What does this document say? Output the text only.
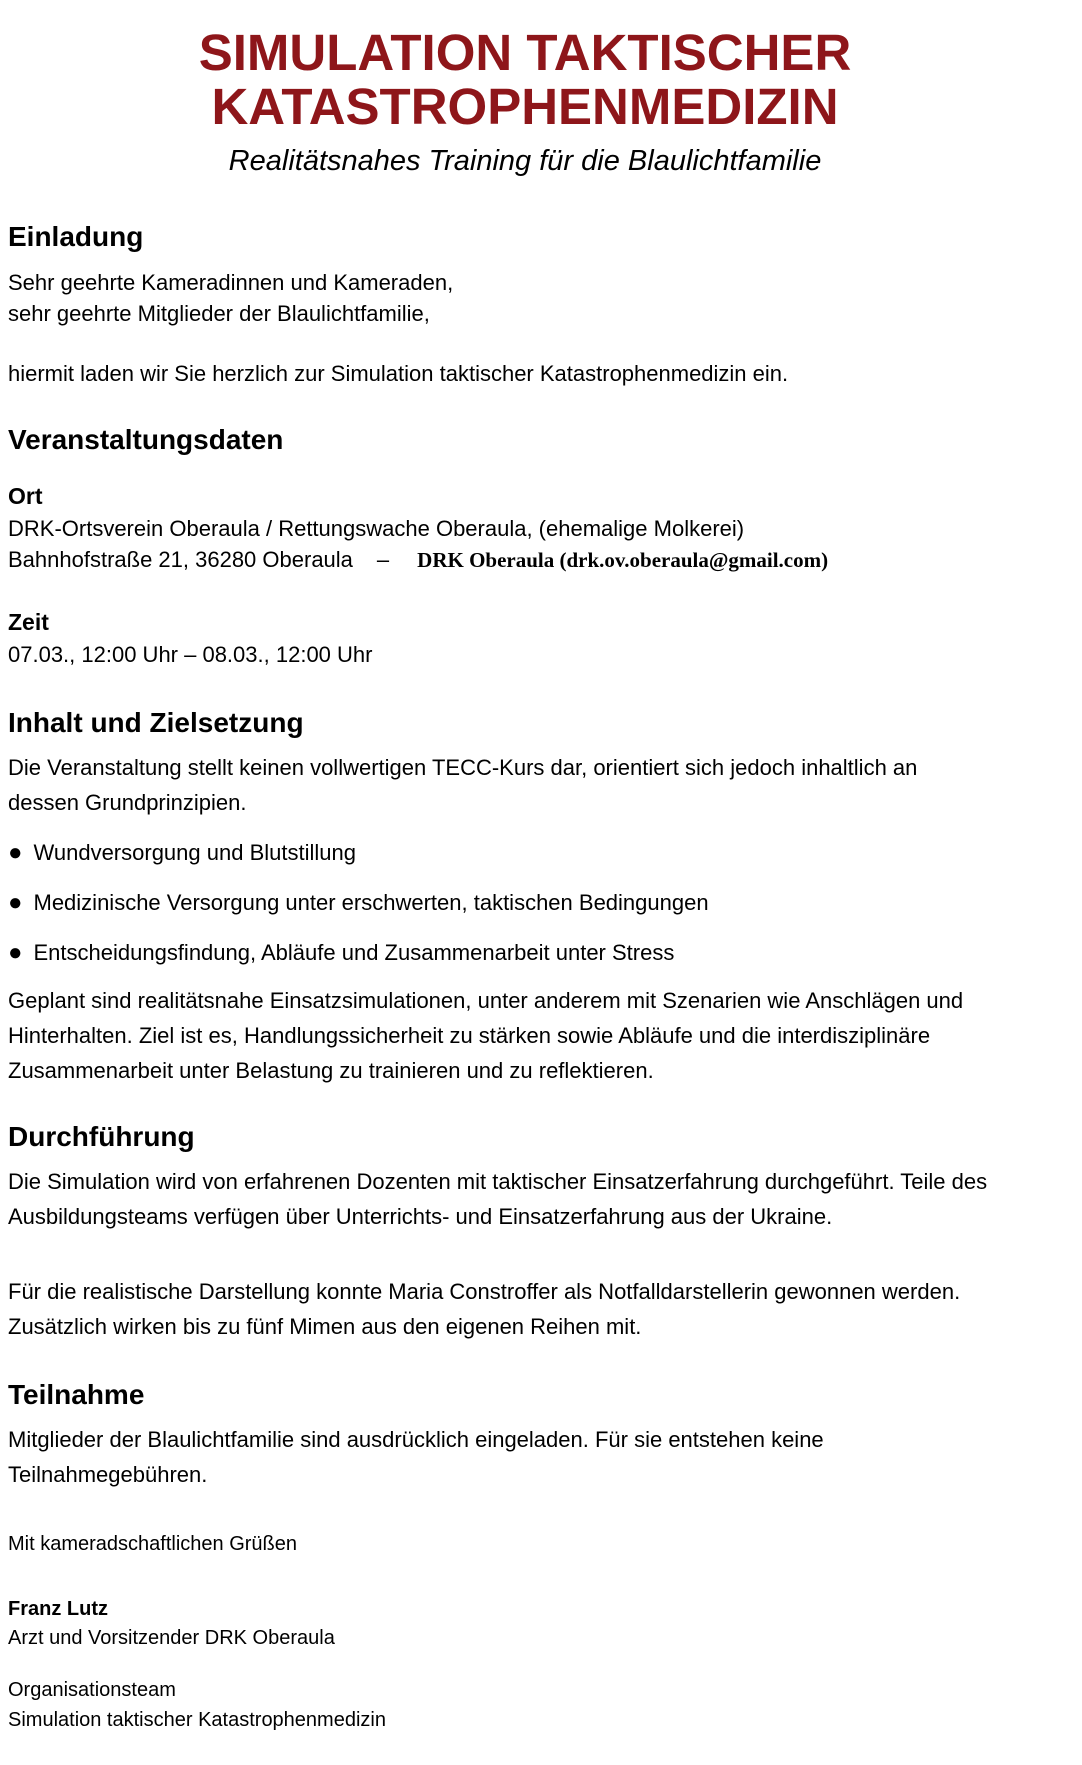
SIMULATION TAKTISCHER
KATASTROPHENMEDIZIN
Realitätsnahes Training für die Blaulichtfamilie
Einladung
Sehr geehrte Kameradinnen und Kameraden,
sehr geehrte Mitglieder der Blaulichtfamilie,

hiermit laden wir Sie herzlich zur Simulation taktischer Katastrophenmedizin ein.

Veranstaltungsdaten
Ort
DRK-Ortsverein Oberaula / Rettungswache Oberaula, (ehemalige Molkerei)
Bahnhofstraße 21, 36280 Oberaula – DRK Oberaula (drk.ov.oberaula@gmail.com)
Zeit
07.03., 12:00 Uhr – 08.03., 12:00 Uhr
Inhalt und Zielsetzung

Die Veranstaltung stellt keinen vollwertigen TECC-Kurs dar, orientiert sich jedoch inhaltlich an dessen Grundprinzipien.

● Wundversorgung und Blutstillung
● Medizinische Versorgung unter erschwerten, taktischen Bedingungen
● Entscheidungsfindung, Abläufe und Zusammenarbeit unter Stress

Geplant sind realitätsnahe Einsatzsimulationen, unter anderem mit Szenarien wie Anschlägen und Hinterhalten. Ziel ist es, Handlungssicherheit zu stärken sowie Abläufe und die interdisziplinäre Zusammenarbeit unter Belastung zu trainieren und zu reflektieren.

Durchführung

Die Simulation wird von erfahrenen Dozenten mit taktischer Einsatzerfahrung durchgeführt. Teile des Ausbildungsteams verfügen über Unterrichts- und Einsatzerfahrung aus der Ukraine.

Für die realistische Darstellung konnte Maria Constroffer als Notfalldarstellerin gewonnen werden. Zusätzlich wirken bis zu fünf Mimen aus den eigenen Reihen mit.

Teilnahme

Mitglieder der Blaulichtfamilie sind ausdrücklich eingeladen. Für sie entstehen keine Teilnahmegebühren.

Mit kameradschaftlichen Grüßen
Franz Lutz
Arzt und Vorsitzender DRK Oberaula
Organisationsteam
Simulation taktischer Katastrophenmedizin
